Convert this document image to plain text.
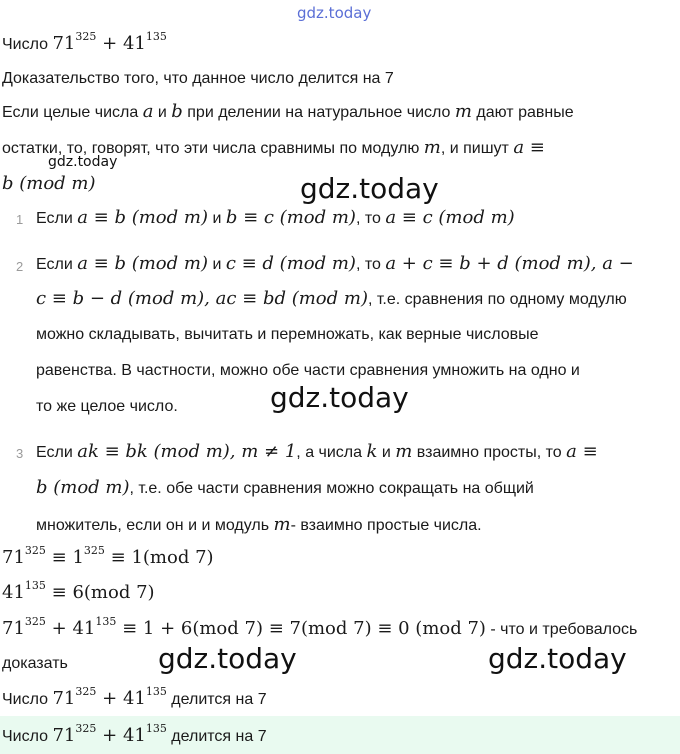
gdz.today
Число $71^{325} + 41^{135}$
Доказательство того, что данное число делится на 7
Если целые числа a и b при делении на натуральное число m дают равные
остатки, то, говорят, что эти числа сравнимы по модулю m, и пишут a ≡
gdz.today
b (mod m)	gdz.today
1 Если a ≡ b (mod m) и b ≡ c (mod m), то a ≡ c (mod m)
2 Если a ≡ b (mod m) и c ≡ d (mod m), то a + c ≡ b + d (mod m), a −
c ≡ b − d (mod m), ac ≡ bd (mod m), т.е. сравнения по одному модулю
можно складывать, вычитать и перемножать, как верные числовые
равенства. В частности, можно обе части сравнения умножить на одно и
то же целое число.	gdz.today
3 Если ak ≡ bk (mod m), m ≠ 1, а числа k и m взаимно просты, то a ≡
b (mod m), т.е. обе части сравнения можно сокращать на общий
множитель, если он и и модуль m- взаимно простые числа.
$71^{325} \equiv 1^{325} \equiv 1(mod$ 7)
$41^{135} \equiv 6(mod$ 7)
$71^{325} + 41^{135} \equiv 1 + 6(mod$ 7) ≡ 7(mod 7) ≡ 0 (mod 7) - что и требовалось
доказать	gdz.today	gdz.today
Число $71^{325} + 41^{135}$ делится на 7
Число $71^{325} + 41^{135}$ делится на 7
